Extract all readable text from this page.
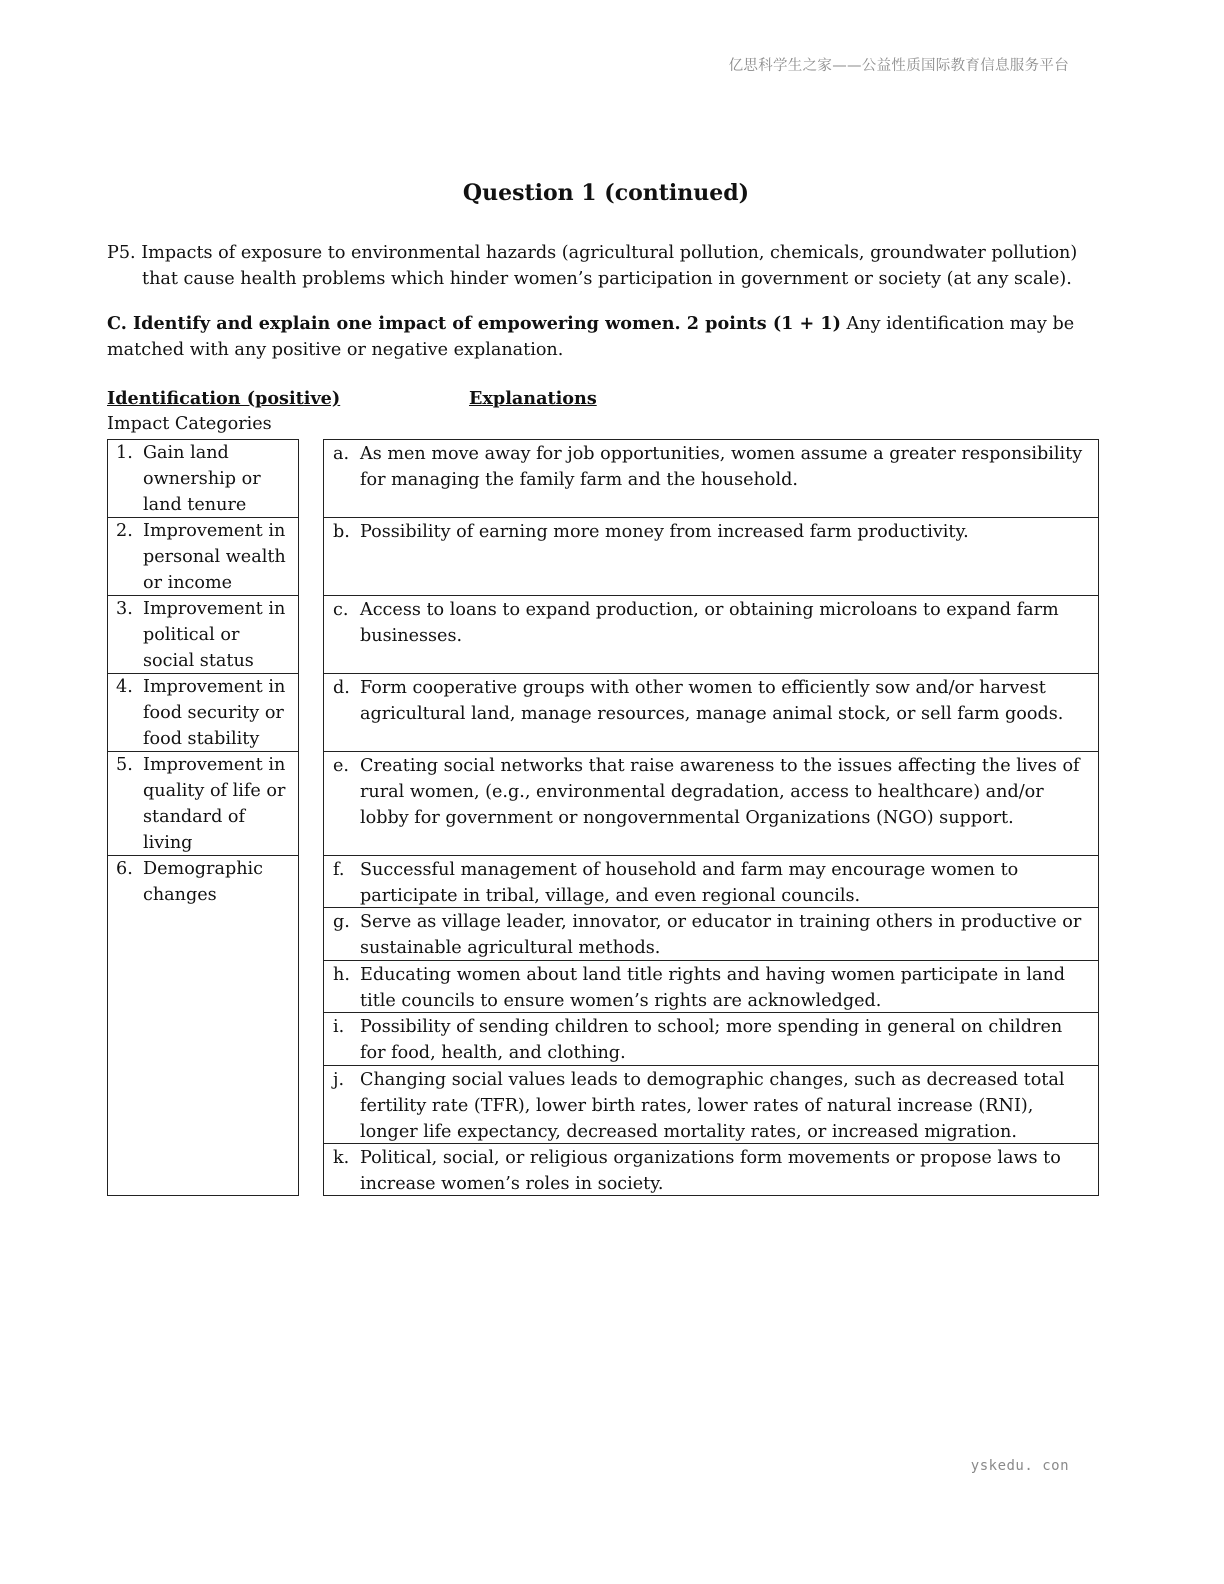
亿思科学生之家——公益性质国际教育信息服务平台
Question 1 (continued)
P5. Impacts of exposure to environmental hazards (agricultural pollution, chemicals, groundwater pollution) that cause health problems which hinder women’s participation in government or society (at any scale).
C. Identify and explain one impact of empowering women. 2 points (1 + 1) Any identification may be matched with any positive or negative explanation.
Identification (positive)	Explanations
Impact Categories
1. Gain land ownership or land tenure
2. Improvement in personal wealth or income
3. Improvement in political or social status
4. Improvement in food security or food stability
5. Improvement in quality of life or standard of living
6. Demographic changes
a. As men move away for job opportunities, women assume a greater responsibility for managing the family farm and the household.
b. Possibility of earning more money from increased farm productivity.
c. Access to loans to expand production, or obtaining microloans to expand farm businesses.
d. Form cooperative groups with other women to efficiently sow and/or harvest agricultural land, manage resources, manage animal stock, or sell farm goods.
e. Creating social networks that raise awareness to the issues affecting the lives of rural women, (e.g., environmental degradation, access to healthcare) and/or lobby for government or nongovernmental Organizations (NGO) support.
f. Successful management of household and farm may encourage women to participate in tribal, village, and even regional councils.
g. Serve as village leader, innovator, or educator in training others in productive or sustainable agricultural methods.
h. Educating women about land title rights and having women participate in land title councils to ensure women’s rights are acknowledged.
i. Possibility of sending children to school; more spending in general on children for food, health, and clothing.
j. Changing social values leads to demographic changes, such as decreased total fertility rate (TFR), lower birth rates, lower rates of natural increase (RNI), longer life expectancy, decreased mortality rates, or increased migration.
k. Political, social, or religious organizations form movements or propose laws to increase women’s roles in society.
yskedu. con
